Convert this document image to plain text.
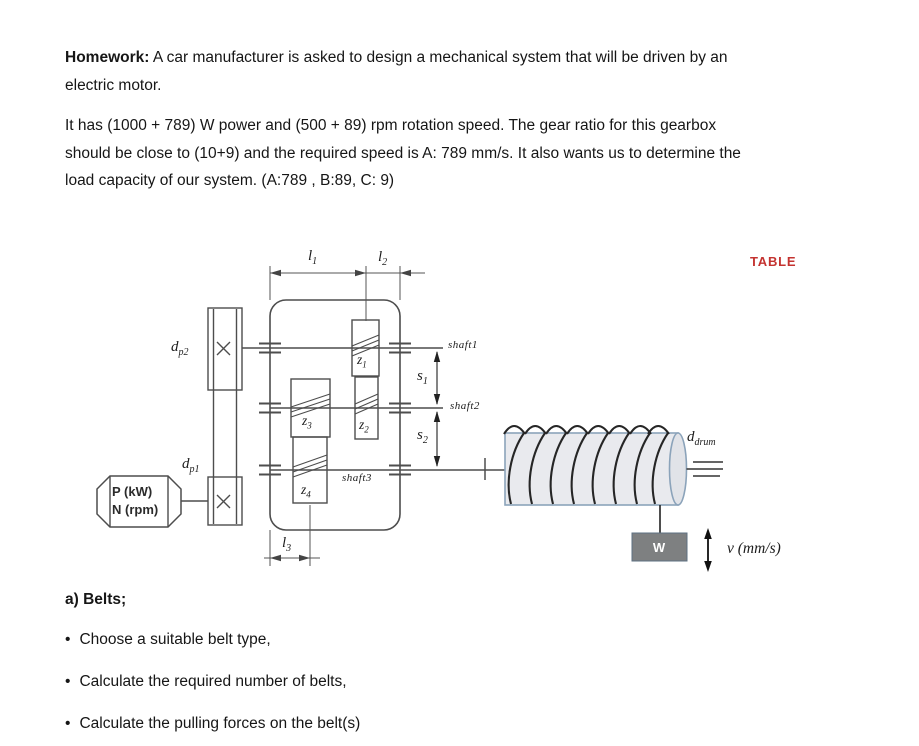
Homework: A car manufacturer is asked to design a mechanical system that will be driven by an
electric motor.
It has (1000 + 789) W power and (500 + 89) rpm rotation speed. The gear ratio for this gearbox
should be close to (10+9) and the required speed is A: 789 mm/s. It also wants us to determine the
load capacity of our system. (A:789 , B:89, C: 9)
TABLE
P (kW)
N (rpm)
$d_{p2}$
$d_{p1}$
$d_{drum}$
$l_1$	$l_2$
$l_3$
$s_1$
$s_2$
$z_1$
$z_2$
$z_3$
$z_4$
shaft1
shaft2
shaft3
W	v (mm/s)
a) Belts;
• Choose a suitable belt type,
• Calculate the required number of belts,
• Calculate the pulling forces on the belt(s)
